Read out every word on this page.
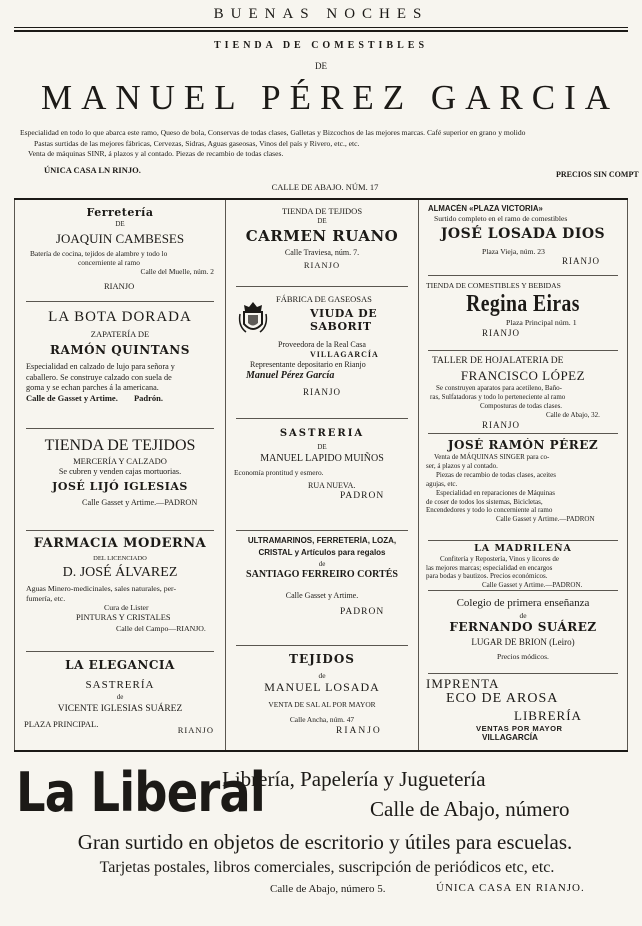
BUENAS NOCHES
TIENDA DE COMESTIBLES
DE
MANUEL PÉREZ GARCIA
Especialidad en todo lo que abarca este ramo, Queso de bola, Conservas de todas clases, Galletas y Bizcochos de las mejores marcas. Café superior en grano y molido
Pastas surtidas de las mejores fábricas, Cervezas, Sidras, Aguas gaseosas, Vinos del país y Rivero, etc., etc.
Venta de máquinas SINR, á plazos y al contado. Piezas de recambio de todas clases.
ÚNICA CASA LN RINJO.	PRECIOS SIN COMPT
CALLE DE ABAJO. NÚM. 17
Ferretería
DE
JOAQUIN CAMBESES
Batería de cocina, tejidos de alambre y todo lo
concerniente al ramo
Calle del Muelle, núm. 2
RIANJO
LA BOTA DORADA
ZAPATERÍA DE
RAMÓN QUINTANS
Especialidad en calzado de lujo para señora y
caballero. Se construye calzado con suela de
goma y se echan parches á la americana.
Calle de Gasset y Artime. Padrón.
TIENDA DE TEJIDOS
MERCERÍA Y CALZADO
Se cubren y venden cajas mortuorias.
JOSÉ LIJÓ IGLESIAS
Calle Gasset y Artime.—PADRON
FARMACIA MODERNA
DEL LICENCIADO
D. JOSÉ ÁLVAREZ
Aguas Minero-medicinales, sales naturales, per-
fumería, etc.
Cura de Lister
PINTURAS Y CRISTALES
Calle del Campo—RIANJO.
LA ELEGANCIA
SASTRERÍA
de
VICENTE IGLESIAS SUÁREZ
PLAZA PRINCIPAL.
RIANJO
TIENDA DE TEJIDOS
DE
CARMEN RUANO
Calle Traviesa, núm. 7.
RIANJO
FÁBRICA DE GASEOSAS
VIUDA DE SABORIT
Proveedora de la Real Casa
VILLAGARCÍA
Representante depositario en Rianjo
Manuel Pérez García
RIANJO
SASTRERIA
DE
MANUEL LAPIDO MUIÑOS
Economía prontitud y esmero.
RUA NUEVA.
PADRON
ULTRAMARINOS, FERRETERÍA, LOZA,
CRISTAL y Artículos para regalos
de
SANTIAGO FERREIRO CORTÉS
Calle Gasset y Artime.
PADRON
TEJIDOS
de
MANUEL LOSADA
VENTA DE SAL AL POR MAYOR
Calle Ancha, núm. 47
RIANJO
ALMACÉN «PLAZA VICTORIA»
Surtido completo en el ramo de comestibles
JOSÉ LOSADA DIOS
Plaza Vieja, núm. 23
RIANJO
TIENDA DE COMESTIBLES Y BEBIDAS
Regina Eiras
Plaza Principal núm. 1
RIANJO
TALLER DE HOJALATERÍA DE
FRANCISCO LÓPEZ
Se construyen aparatos para acetileno, Baño-
ras, Sulfatadoras y todo lo perteneciente al ramo
Composturas de todas clases.
Calle de Abajo, 32.
RIANJO
JOSÉ RAMÓN PÉREZ
Venta de MÁQUINAS SINGER para co-
ser, á plazos y al contado.
Piezas de recambio de todas clases, aceites
agujas, etc.
Especialidad en reparaciones de Máquinas
de coser de todos los sistemas, Bicicletas,
Encendedores y todo lo concerniente al ramo
Calle Gasset y Artime.—PADRON
LA MADRILEÑA
Confitería y Repostería, Vinos y licores de
las mejores marcas; especialidad en encargos
para bodas y bautizos. Precios económicos.
Calle Gasset y Artime.—PADRON.
Colegio de primera enseñanza
de
FERNANDO SUÁREZ
LUGAR DE BRION (Leiro)
Precios módicos.
IMPRENTA
ECO DE AROSA
LIBRERÍA
VENTAS POR MAYOR
VILLAGARCÍA
La Liberal
Librería, Papelería y Juguetería
Calle de Abajo, número
Gran surtido en objetos de escritorio y útiles para escuelas.
Tarjetas postales, libros comerciales, suscripción de periódicos etc, etc.
Calle de Abajo, número 5.	ÚNICA CASA EN RIANJO.
